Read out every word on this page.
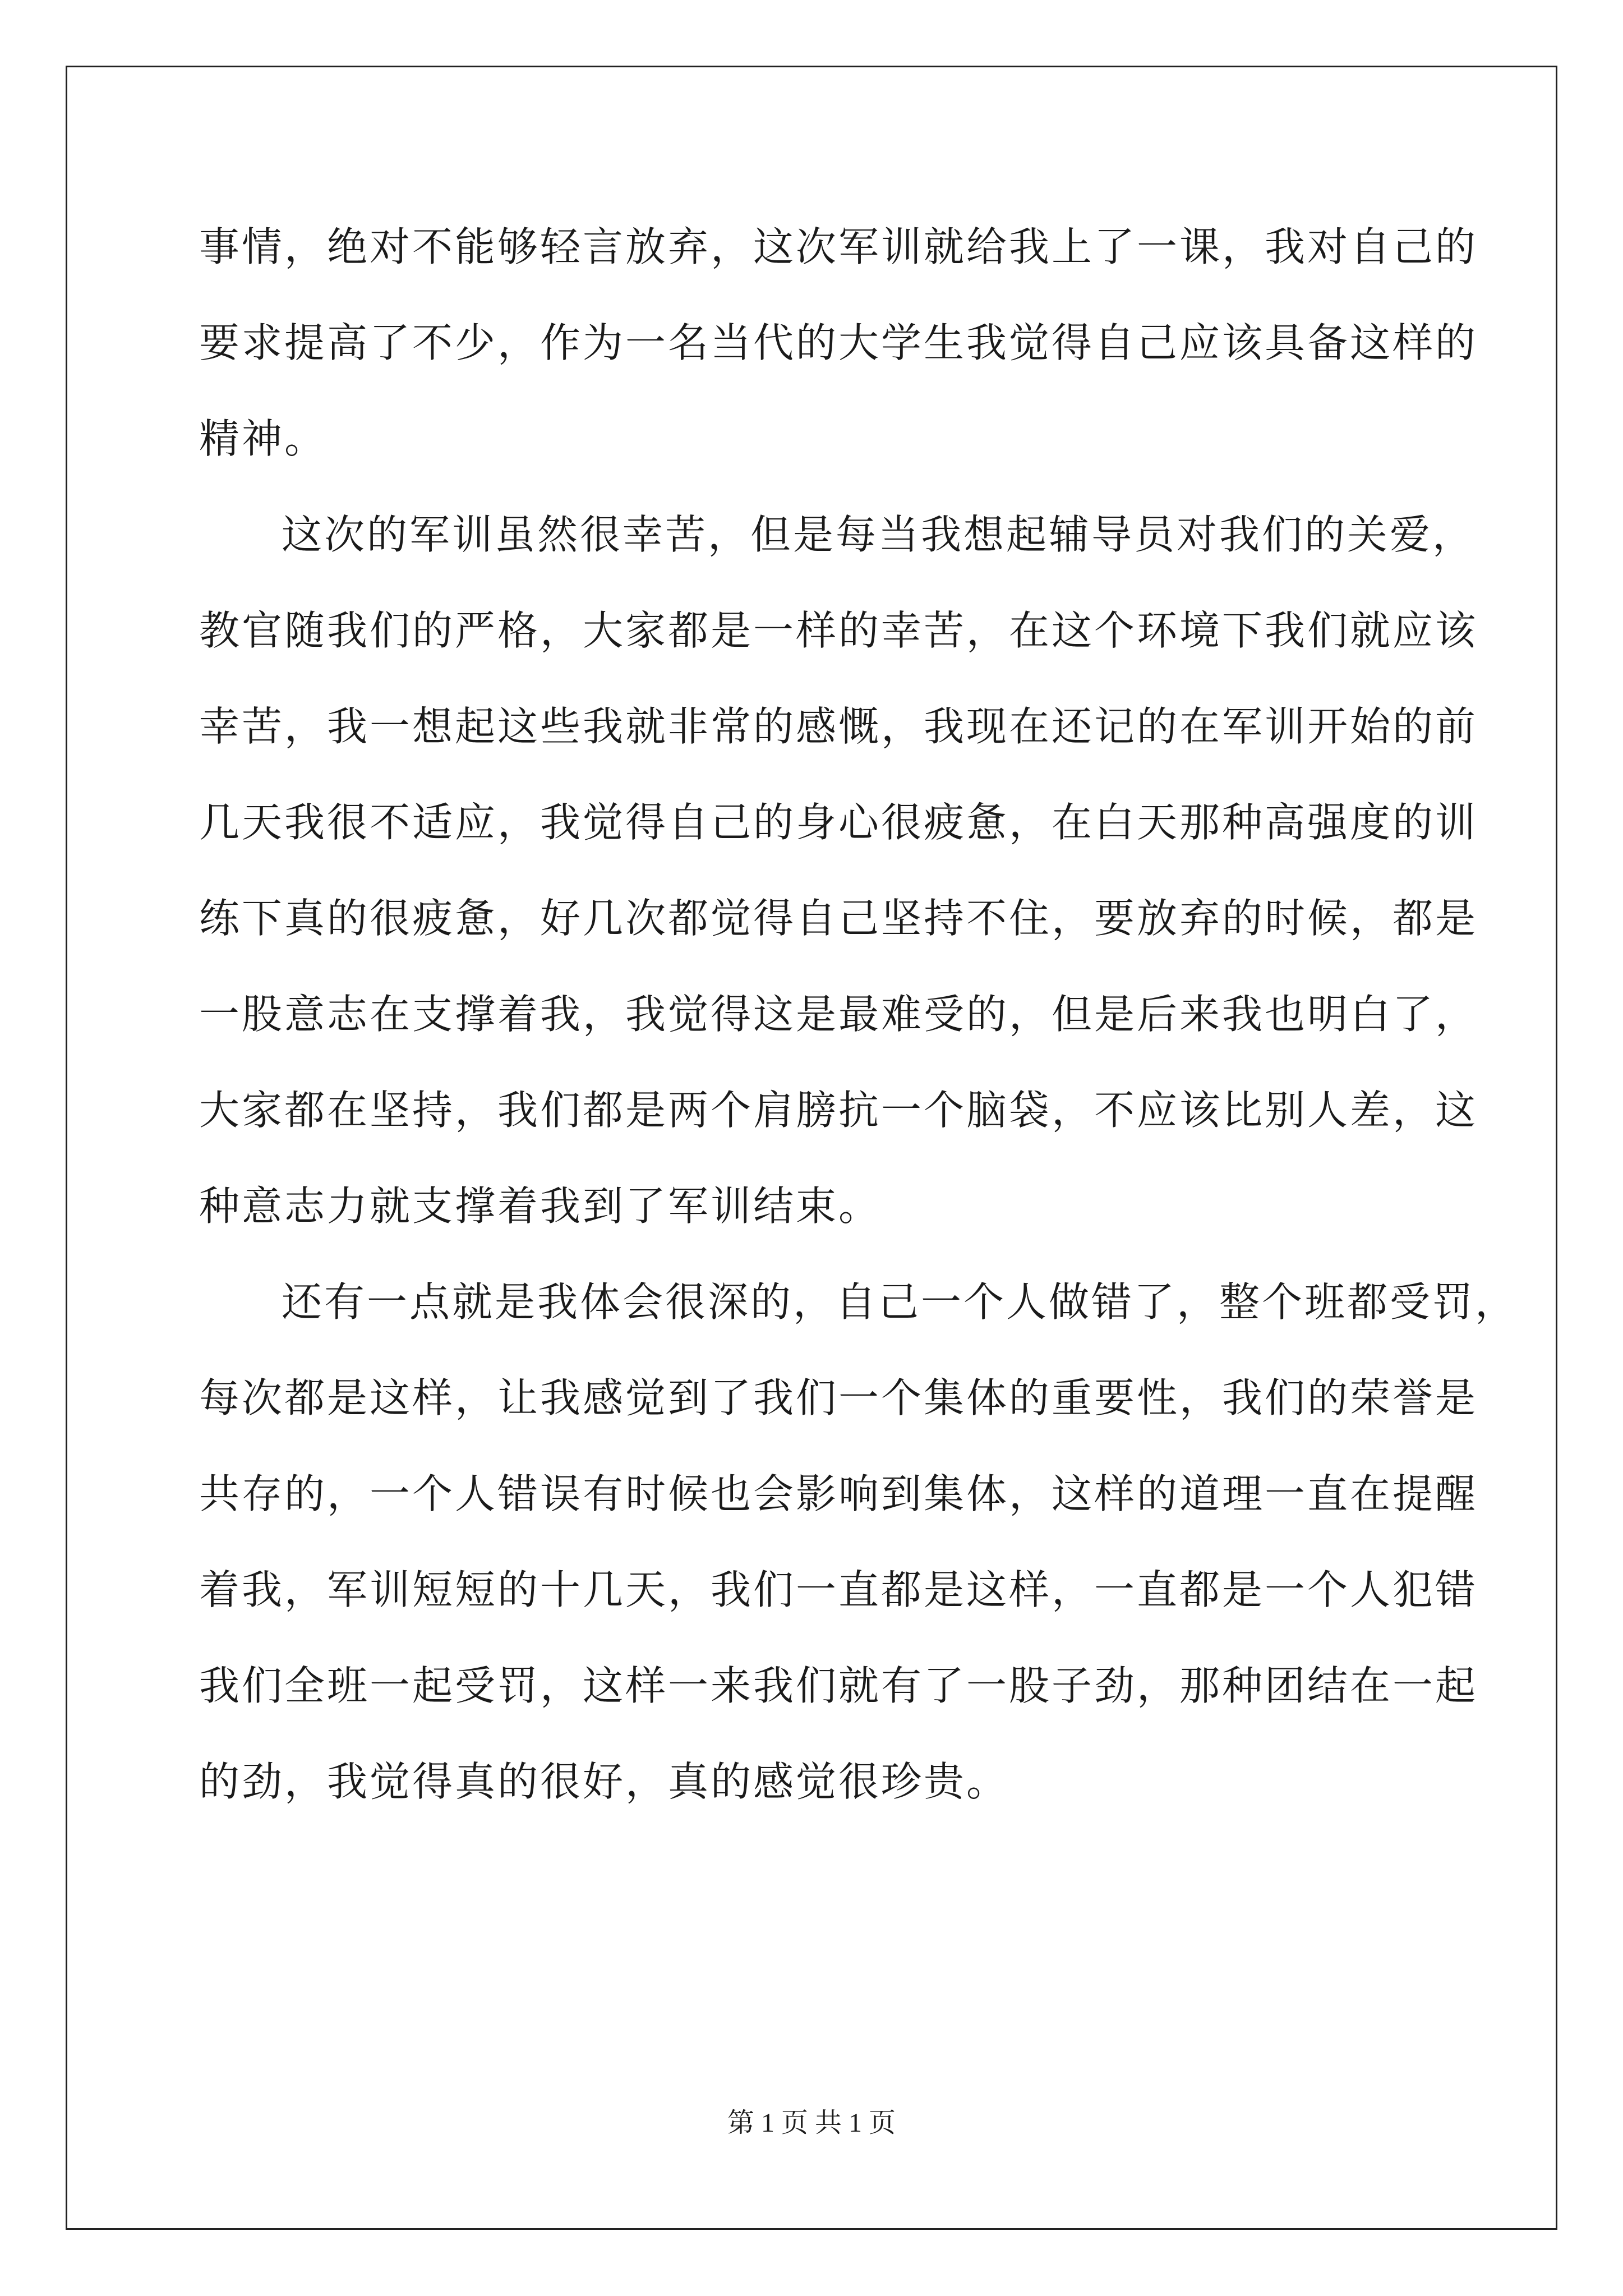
事情，绝对不能够轻言放弃，这次军训就给我上了一课，我对自己的
要求提高了不少，作为一名当代的大学生我觉得自己应该具备这样的
精神。
这次的军训虽然很幸苦，但是每当我想起辅导员对我们的关爱，
教官随我们的严格，大家都是一样的幸苦，在这个环境下我们就应该
幸苦，我一想起这些我就非常的感慨，我现在还记的在军训开始的前
几天我很不适应，我觉得自己的身心很疲惫，在白天那种高强度的训
练下真的很疲惫，好几次都觉得自己坚持不住，要放弃的时候，都是
一股意志在支撑着我，我觉得这是最难受的，但是后来我也明白了，
大家都在坚持，我们都是两个肩膀抗一个脑袋，不应该比别人差，这
种意志力就支撑着我到了军训结束。
还有一点就是我体会很深的，自己一个人做错了，整个班都受罚，
每次都是这样，让我感觉到了我们一个集体的重要性，我们的荣誉是
共存的，一个人错误有时候也会影响到集体，这样的道理一直在提醒
着我，军训短短的十几天，我们一直都是这样，一直都是一个人犯错
我们全班一起受罚，这样一来我们就有了一股子劲，那种团结在一起
的劲，我觉得真的很好，真的感觉很珍贵。
第 1 页 共 1 页
